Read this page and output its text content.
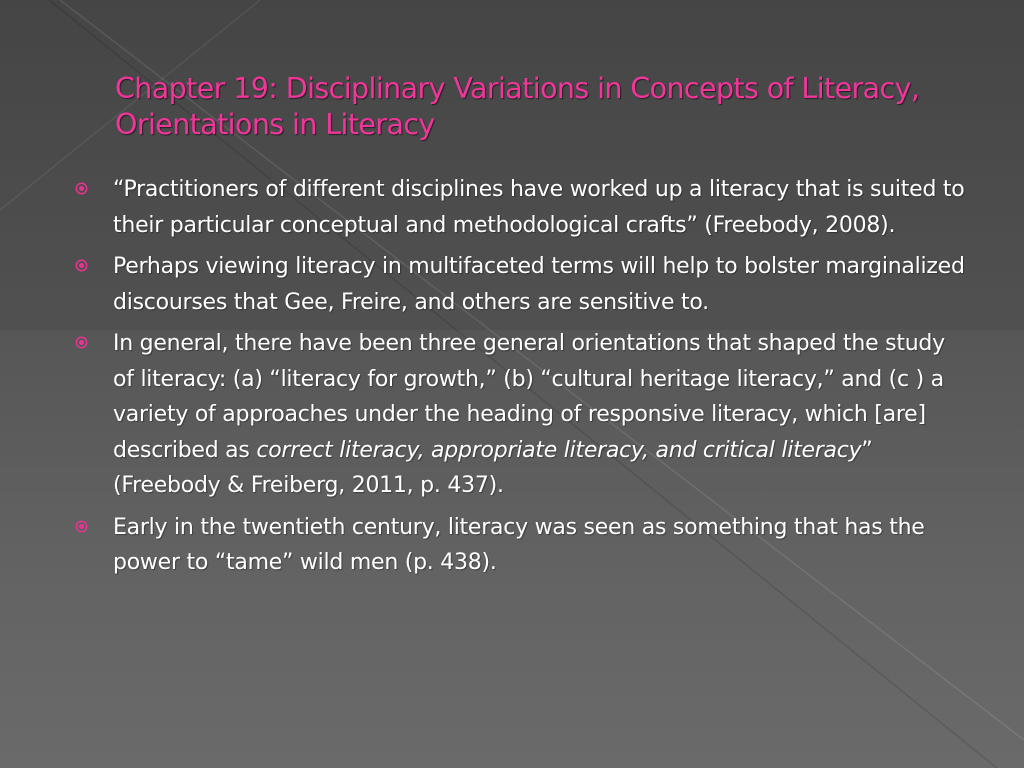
Chapter 19: Disciplinary Variations in Concepts of Literacy, Orientations in Literacy
“Practitioners of different disciplines have worked up a literacy that is suited to their particular conceptual and methodological crafts” (Freebody, 2008).
Perhaps viewing literacy in multifaceted terms will help to bolster marginalized discourses that Gee, Freire, and others are sensitive to.
In general, there have been three general orientations that shaped the study of literacy: (a) “literacy for growth,” (b) “cultural heritage literacy,” and (c ) a variety of approaches under the heading of responsive literacy, which [are] described as correct literacy, appropriate literacy, and critical literacy” (Freebody & Freiberg, 2011, p. 437).
Early in the twentieth century, literacy was seen as something that has the power to “tame” wild men (p. 438).
